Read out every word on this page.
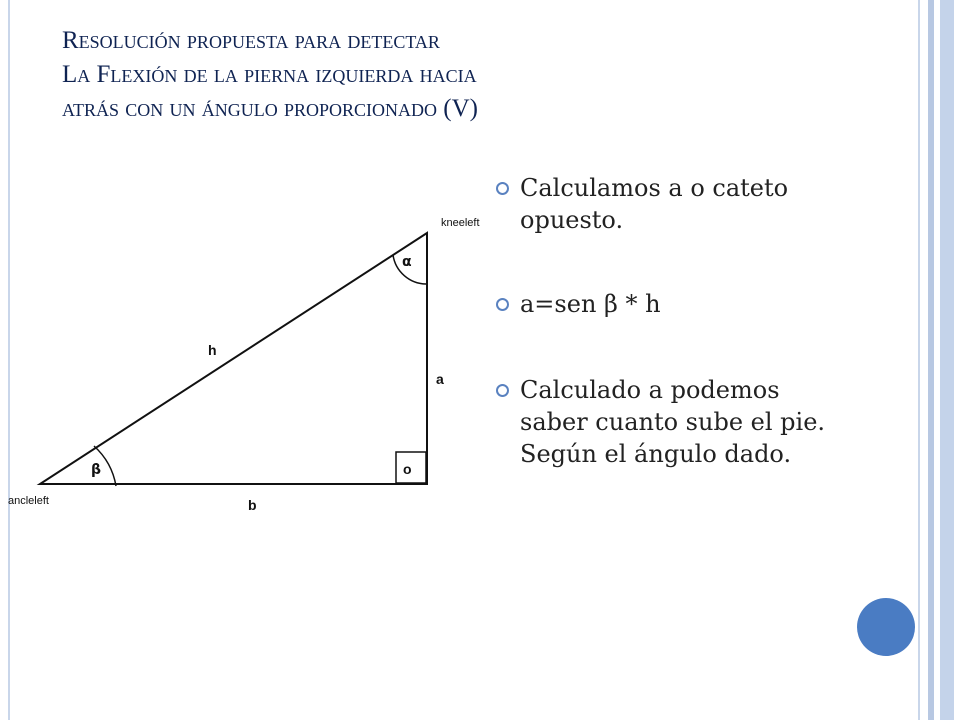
Resolución propuesta para detectar
La Flexión de la pierna izquierda hacia
atrás con un ángulo proporcionado (V)
kneeleft
ancleleft
α
β
h
a
b
o
Calculamos a o cateto opuesto.
a=sen β * h
Calculado a podemos saber cuanto sube el pie. Según el ángulo dado.
